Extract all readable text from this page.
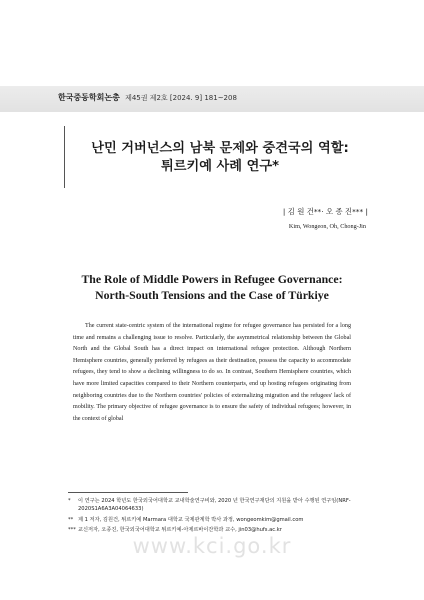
한국중동학회논총 제45권 제2호 [2024. 9] 181~208
난민 거버넌스의 남북 문제와 중견국의 역할:
튀르키예 사례 연구*
| 김 원 건**· 오 종 진*** |
Kim, Wongeon, Oh, Chong-Jin
The Role of Middle Powers in Refugee Governance:
North-South Tensions and the Case of Türkiye
The current state-centric system of the international regime for refugee governance has persisted for a long time and remains a challenging issue to resolve. Particularly, the asymmetrical relationship between the Global North and the Global South has a direct impact on international refugee protection. Although Northern Hemisphere countries, generally preferred by refugees as their destination, possess the capacity to accommodate refugees, they tend to show a declining willingness to do so. In contrast, Southern Hemisphere countries, which have more limited capacities compared to their Northern counterparts, end up hosting refugees originating from neighboring countries due to the Northern countries' policies of externalizing migration and the refugees' lack of mobility. The primary objective of refugee governance is to ensure the safety of individual refugees; however, in the context of global
*	이 연구는 2024 학년도 한국외국어대학교 교내학술연구비와, 2020 년 한국연구재단의 지원을 받아 수행된 연구임(NRF-2020S1A6A3A04064633)
** 제 1 저자, 김원건, 튀르키예 Marmara 대학교 국제관계학 박사 과정, wongeomkim@gmail.com
*** 교신저자, 오종진, 한국외국어대학교 튀르키예-아제르바이잔학과 교수, jin03@hufs.ac.kr
www.kci.go.kr
